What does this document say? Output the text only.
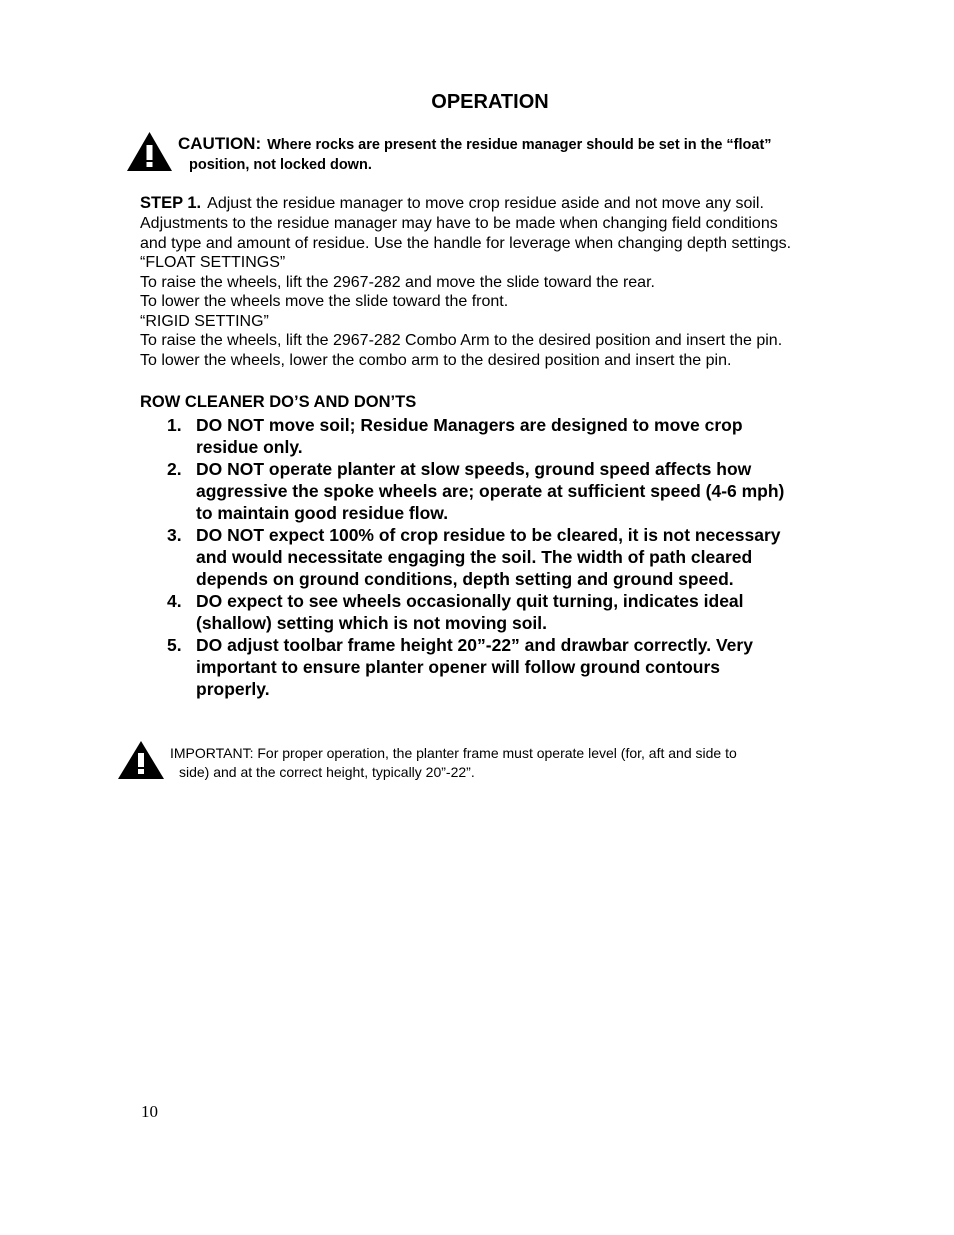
OPERATION
CAUTION: Where rocks are present the residue manager should be set in the “float”
position, not locked down.
STEP 1. Adjust the residue manager to move crop residue aside and not move any soil.
Adjustments to the residue manager may have to be made when changing field conditions
and type and amount of residue. Use the handle for leverage when changing depth settings.
“FLOAT SETTINGS”
To raise the wheels, lift the 2967-282 and move the slide toward the rear.
To lower the wheels move the slide toward the front.
“RIGID SETTING”
To raise the wheels, lift the 2967-282 Combo Arm to the desired position and insert the pin.
To lower the wheels, lower the combo arm to the desired position and insert the pin.
ROW CLEANER DO’S AND DON’TS
1. DO NOT move soil; Residue Managers are designed to move crop
residue only.
2. DO NOT operate planter at slow speeds, ground speed affects how
aggressive the spoke wheels are; operate at sufficient speed (4-6 mph)
to maintain good residue flow.
3. DO NOT expect 100% of crop residue to be cleared, it is not necessary
and would necessitate engaging the soil. The width of path cleared
depends on ground conditions, depth setting and ground speed.
4. DO expect to see wheels occasionally quit turning, indicates ideal
(shallow) setting which is not moving soil.
5. DO adjust toolbar frame height 20”-22” and drawbar correctly. Very
important to ensure planter opener will follow ground contours
properly.
IMPORTANT: For proper operation, the planter frame must operate level (for, aft and side to
side) and at the correct height, typically 20”-22”.
10
